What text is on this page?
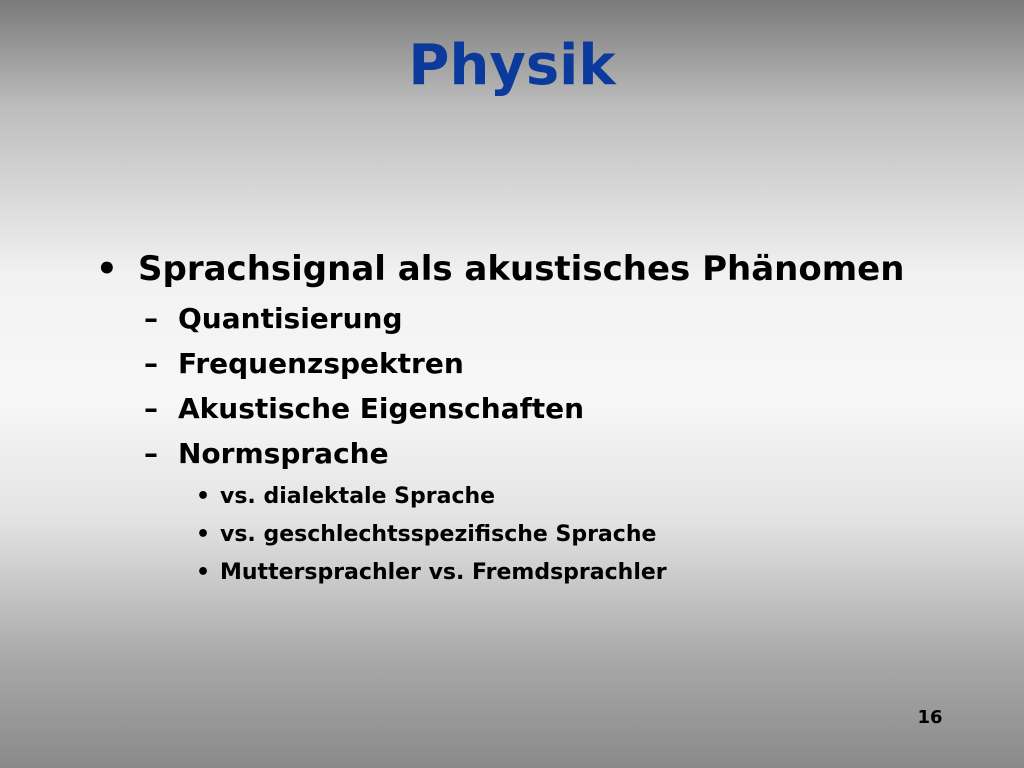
Physik
• Sprachsignal als akustisches Phänomen
– Quantisierung
– Frequenzspektren
– Akustische Eigenschaften
– Normsprache
• vs. dialektale Sprache
• vs. geschlechtsspezifische Sprache
• Muttersprachler vs. Fremdsprachler
16
